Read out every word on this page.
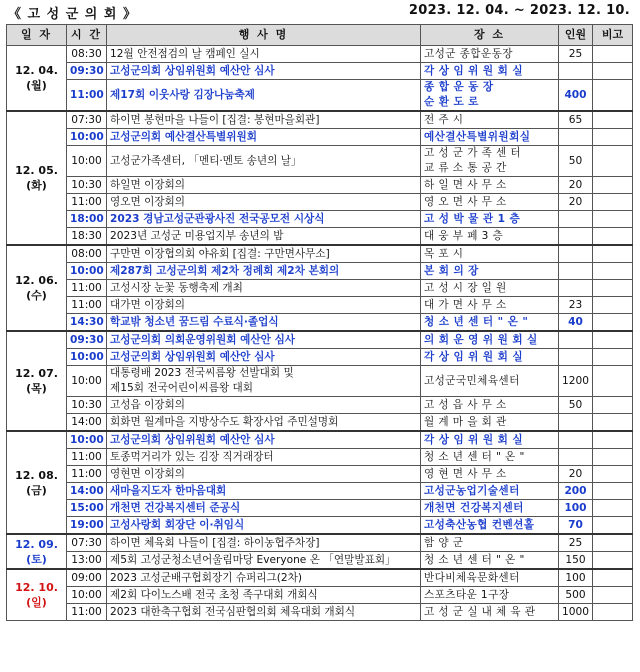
《 고 성 군 의 회 》	2023. 12. 04. ~ 2023. 12. 10.
일 자	시 간	행 사 명	장 소	인원	비고

12. 04.
(월)	08:30	12월 안전점검의 날 캠페인 실시	고성군 종합운동장	25	

	09:30	고성군의회 상임위원회 예산안 심사	각 상 임 위 원 회 실		

	11:00	제17회 이웃사랑 김장나눔축제	종 합 운 동 장
순 환 도 로	400	

12. 05.
(화)	07:30	하이면 봉현마을 나들이 [집결: 봉현마을회관]	전 주 시	65	

	10:00	고성군의회 예산결산특별위원회	예산결산특별위원회실		

	10:00	고성군가족센터, 「멘티·멘토 송년의 날」	고 성 군 가 족 센 터
교 류 소 통 공 간	50	

	10:30	하일면 이장회의	하 일 면 사 무 소	20	

	11:00	영오면 이장회의	영 오 면 사 무 소	20	

	18:00	2023 경남고성군관광사진 전국공모전 시상식	고 성 박 물 관 1 층		

	18:30	2023년 고성군 미용업지부 송년의 밤	대 웅 부 페 3 층		

12. 06.
(수)	08:00	구만면 이장협의회 야유회 [집결: 구만면사무소]	목 포 시		

	10:00	제287회 고성군의회 제2차 정례회 제2차 본회의	본 회 의 장		

	11:00	고성시장 눈꽃 동행축제 개최	고 성 시 장 일 원		

	11:00	대가면 이장회의	대 가 면 사 무 소	23	

	14:30	학교밖 청소년 꿈드림 수료식·졸업식	청 소 년 센 터 " 온 "	40	

12. 07.
(목)	09:30	고성군의회 의회운영위원회 예산안 심사	의 회 운 영 위 원 회 실		

	10:00	고성군의회 상임위원회 예산안 심사	각 상 임 위 원 회 실		

	10:00	대통령배 2023 전국씨름왕 선발대회 및
제15회 전국어린이씨름왕 대회	고성군국민체육센터	1200	

	10:30	고성읍 이장회의	고 성 읍 사 무 소	50	

	14:00	회화면 월계마을 지방상수도 확장사업 주민설명회	월 계 마 을 회 관		

12. 08.
(금)	10:00	고성군의회 상임위원회 예산안 심사	각 상 임 위 원 회 실		

	11:00	토종먹거리가 있는 김장 직거래장터	청 소 년 센 터 " 온 "		

	11:00	영현면 이장회의	영 현 면 사 무 소	20	

	14:00	새마을지도자 한마음대회	고성군농업기술센터	200	

	15:00	개천면 건강복지센터 준공식	개천면 건강복지센터	100	

	19:00	고성사랑회 회장단 이·취임식	고성축산농협 컨벤션홀	70	

12. 09.
(토)	07:30	하이면 체육회 나들이 [집결: 하이농협주차장]	함 양 군	25	

	13:00	제5회 고성군청소년어울림마당 Everyone 온 「연말발표회」	청 소 년 센 터 " 온 "	150	

12. 10.
(일)	09:00	2023 고성군배구협회장기 슈퍼리그(2차)	반다비체육문화센터	100	

	10:00	제2회 다이노스배 전국 초청 족구대회 개회식	스포츠타운 1구장	500	

	11:00	2023 대한축구협회 전국심판협의회 체육대회 개회식	고 성 군 실 내 체 육 관	1000	
